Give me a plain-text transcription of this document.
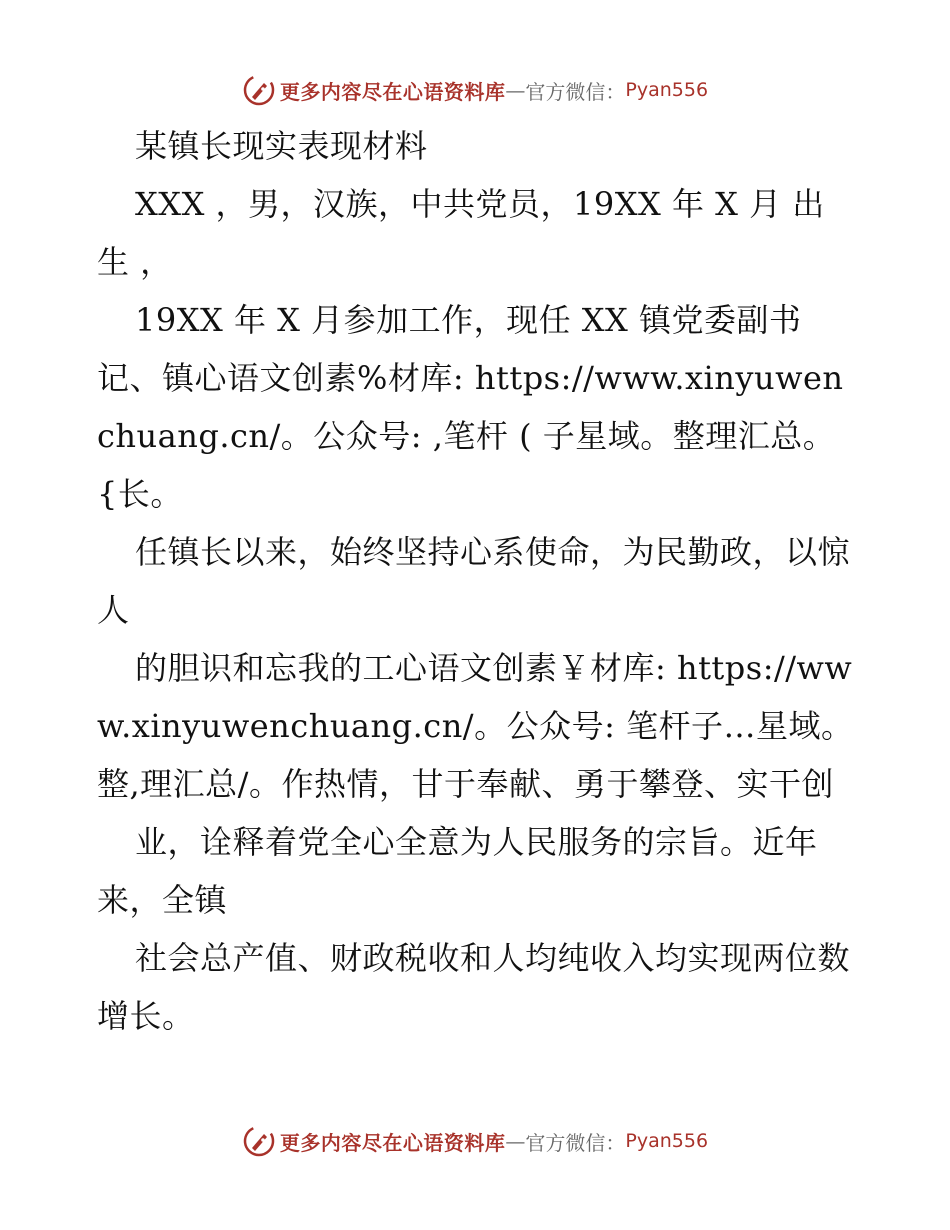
更多内容尽在心语资料库 — 官方微信： Pyan556

某镇长现实表现材料

XXX ，男，汉族，中共党员，19XX 年 X 月 出生 ，

19XX 年 X 月参加工作，现任 XX 镇党委副书记、镇心语文创素%材库: https://www.xinyuwenchuang.cn/。公众号: ,笔杆 ( 子星域。整理汇总。{长。

任镇长以来，始终坚持心系使命，为民勤政，以惊人

的胆识和忘我的工心语文创素￥材库: https://www.xinyuwenchuang.cn/。公众号: 笔杆子…星域。整,理汇总/。作热情，甘于奉献、勇于攀登、实干创

业，诠释着党全心全意为人民服务的宗旨。近年来，全镇

社会总产值、财政税收和人均纯收入均实现两位数增长。

更多内容尽在心语资料库 — 官方微信： Pyan556
